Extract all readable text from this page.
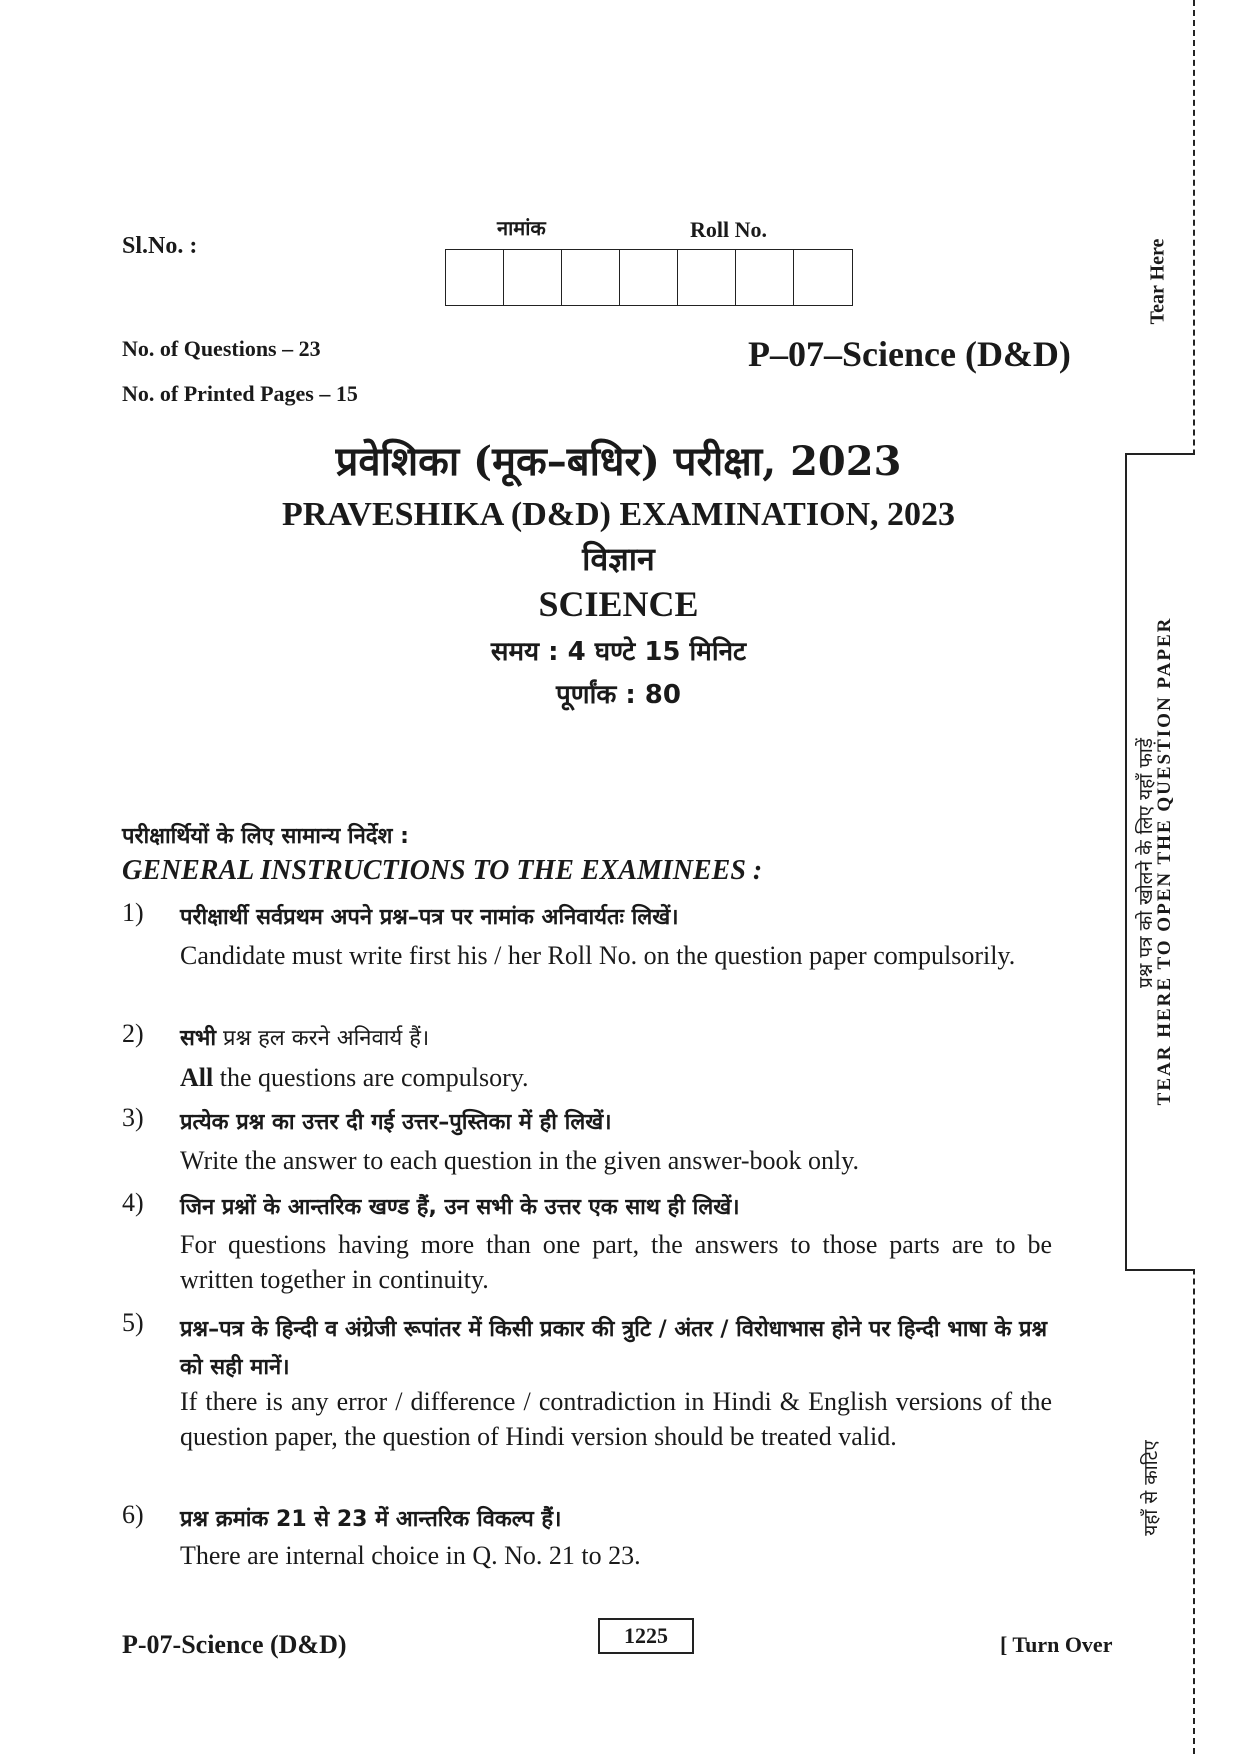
Tear Here
प्रश्न पत्र को खोलने के लिए यहाँ फाड़ें
TEAR HERE TO OPEN THE QUESTION PAPER
यहाँ से काटिए
Sl.No. :
नामांक	Roll No.
No. of Questions – 23
No. of Printed Pages – 15
P–07–Science (D&D)
प्रवेशिका (मूक–बधिर) परीक्षा, 2023
PRAVESHIKA (D&D) EXAMINATION, 2023
विज्ञान
SCIENCE
समय : 4 घण्टे 15 मिनिट
पूर्णांक : 80
परीक्षार्थियों के लिए सामान्य निर्देश :
GENERAL INSTRUCTIONS TO THE EXAMINEES :
1) परीक्षार्थी सर्वप्रथम अपने प्रश्न–पत्र पर नामांक अनिवार्यतः लिखें।
Candidate must write first his / her Roll No. on the question paper compulsorily.
2) सभी प्रश्न हल करने अनिवार्य हैं।
All the questions are compulsory.
3) प्रत्येक प्रश्न का उत्तर दी गई उत्तर–पुस्तिका में ही लिखें।
Write the answer to each question in the given answer-book only.
4) जिन प्रश्नों के आन्तरिक खण्ड हैं, उन सभी के उत्तर एक साथ ही लिखें।
For questions having more than one part, the answers to those parts are to be written together in continuity.
5) प्रश्न–पत्र के हिन्दी व अंग्रेजी रूपांतर में किसी प्रकार की त्रुटि / अंतर / विरोधाभास होने पर हिन्दी भाषा के प्रश्न को सही मानें।
If there is any error / difference / contradiction in Hindi & English versions of the question paper, the question of Hindi version should be treated valid.
6) प्रश्न क्रमांक 21 से 23 में आन्तरिक विकल्प हैं।
There are internal choice in Q. No. 21 to 23.
P-07-Science (D&D)	1225	[ Turn Over
